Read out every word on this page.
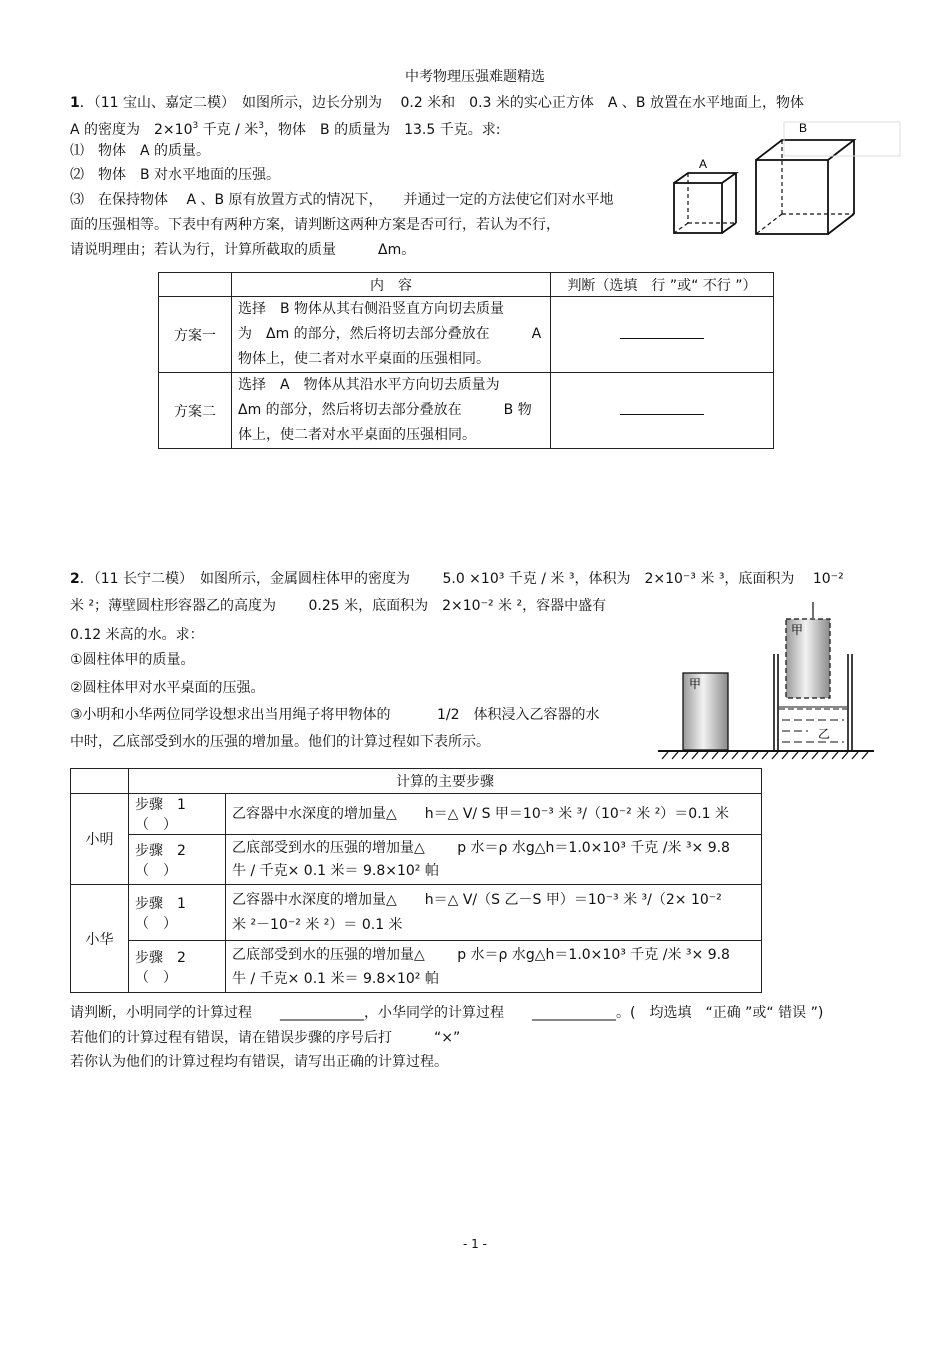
中考物理压强难题精选
1．（11 宝山、嘉定二模）　 如图所示，边长分别为　 0.2 米和　0.3 米的实心正方体　A 、B 放置在水平地面上，物体
A 的密度为　$2\times 10^3$ 千克 / 米$^3$，物体　B 的质量为　13.5 千克。求:
⑴　物体　A 的质量。
⑵　物体　B 对水平地面的压强。
⑶　在保持物体　 A 、B 原有放置方式的情况下，　　并通过一定的方法使它们对水平地
面的压强相等。下表中有两种方案，请判断这两种方案是否可行，若认为不行，
请说明理由；若认为行，计算所截取的质量　　　Δm。
A
B
	内　容	判断（选填　行 ”或“ 不行 ”）
方案一	选择　B 物体从其右侧沿竖直方向切去质量
为　Δm 的部分，然后将切去部分叠放在　　　A
物体上，使二者对水平桌面的压强相同。	

方案二	选择　A　物体从其沿水平方向切去质量为
Δm 的部分，然后将切去部分叠放在　　　B 物
体上，使二者对水平桌面的压强相同。	

2．（11 长宁二模）　 如图所示，金属圆柱体甲的密度为　　 5.0 ×10³ 千克 / 米 ³，体积为　2×10⁻³ 米 ³，底面积为　 10⁻²
米 ²；薄壁圆柱形容器乙的高度为　　 0.25 米，底面积为　2×10⁻² 米 ²，容器中盛有
0.12 米高的水。求：
①圆柱体甲的质量。
②圆柱体甲对水平桌面的压强。
③小明和小华两位同学设想求出当用绳子将甲物体的　　　 1/2　体积浸入乙容器的水
中时，乙底部受到水的压强的增加量。他们的计算过程如下表所示。
甲
乙
甲
	计算的主要步骤	
小明	步骤　1（　）	乙容器中水深度的增加量△　　h＝△ V/ S 甲＝10⁻³ 米 ³/（10⁻² 米 ²）＝0.1 米

	步骤　2（　）	乙底部受到水的压强的增加量△　　 p 水＝ρ 水g△h＝1.0×10³ 千克 /米 ³× 9.8
牛 / 千克× 0.1 米＝ 9.8×10² 帕

小华	步骤　1（　）	乙容器中水深度的增加量△　　h＝△ V/（S 乙－S 甲）＝10⁻³ 米 ³/（2× 10⁻²
米 ²－10⁻² 米 ²）＝ 0.1 米

	步骤　2（　）	乙底部受到水的压强的增加量△　　 p 水＝ρ 水g△h＝1.0×10³ 千克 /米 ³× 9.8
牛 / 千克× 0.1 米＝ 9.8×10² 帕
请判断，小明同学的计算过程　　____________，小华同学的计算过程　　____________。(　均选填　“正确 ”或“ 错误 ”)
若他们的计算过程有错误，请在错误步骤的序号后打　　　“×”
若你认为他们的计算过程均有错误，请写出正确的计算过程。
- 1 -
